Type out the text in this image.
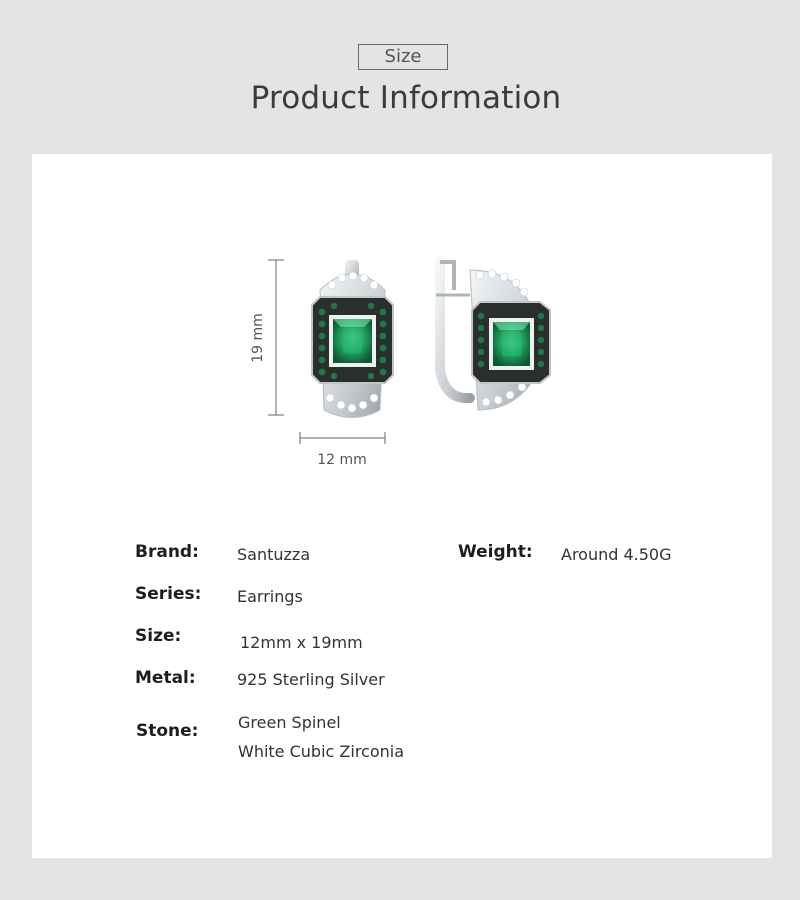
Size
Product Information
19 mm
12 mm
Brand: Santuzza
Series: Earrings
Size:	12mm x 19mm
Metal:	925 Sterling Silver
Stone: Green Spinel
White Cubic Zirconia
Weight: Around 4.50G
